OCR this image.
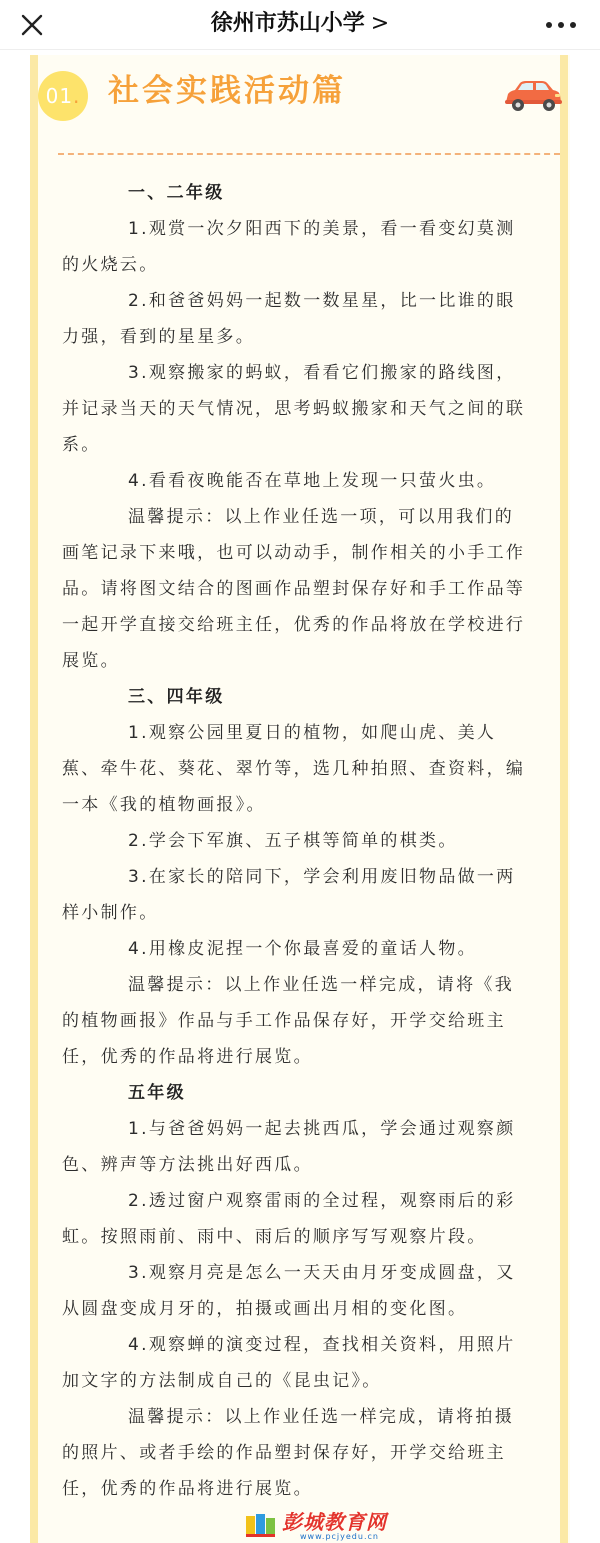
徐州市苏山小学 >
01 . 社会实践活动篇

一、二年级

1.观赏一次夕阳西下的美景，看一看变幻莫测的火烧云。

2.和爸爸妈妈一起数一数星星，比一比谁的眼力强，看到的星星多。

3.观察搬家的蚂蚁，看看它们搬家的路线图，并记录当天的天气情况，思考蚂蚁搬家和天气之间的联系。

4.看看夜晚能否在草地上发现一只萤火虫。

温馨提示：以上作业任选一项，可以用我们的画笔记录下来哦，也可以动动手，制作相关的小手工作品。请将图文结合的图画作品塑封保存好和手工作品等一起开学直接交给班主任，优秀的作品将放在学校进行展览。

三、四年级

1.观察公园里夏日的植物，如爬山虎、美人蕉、牵牛花、葵花、翠竹等，选几种拍照、查资料，编一本《我的植物画报》。

2.学会下军旗、五子棋等简单的棋类。

3.在家长的陪同下，学会利用废旧物品做一两样小制作。

4.用橡皮泥捏一个你最喜爱的童话人物。

温馨提示：以上作业任选一样完成，请将《我的植物画报》作品与手工作品保存好，开学交给班主任，优秀的作品将进行展览。

五年级

1.与爸爸妈妈一起去挑西瓜，学会通过观察颜色、辨声等方法挑出好西瓜。

2.透过窗户观察雷雨的全过程，观察雨后的彩虹。按照雨前、雨中、雨后的顺序写写观察片段。

3.观察月亮是怎么一天天由月牙变成圆盘，又从圆盘变成月牙的，拍摄或画出月相的变化图。

4.观察蝉的演变过程，查找相关资料，用照片加文字的方法制成自己的《昆虫记》。

温馨提示：以上作业任选一样完成，请将拍摄的照片、或者手绘的作品塑封保存好，开学交给班主任，优秀的作品将进行展览。

彭城教育网
www.pcjyedu.cn
